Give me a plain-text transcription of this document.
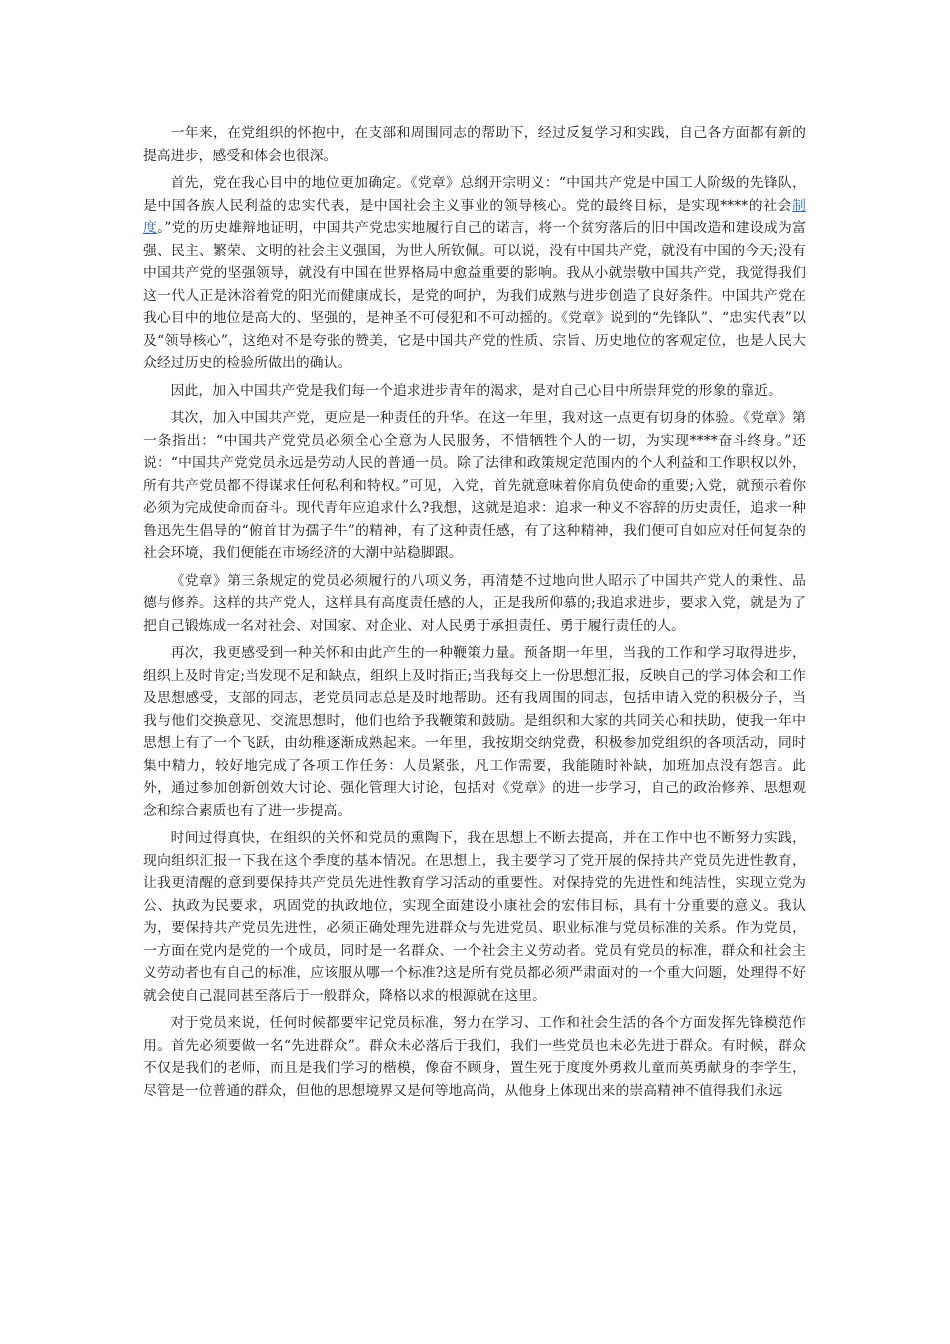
一年来，在党组织的怀抱中，在支部和周围同志的帮助下，经过反复学习和实践，自己各方面都有新的提高进步，感受和体会也很深。

首先，党在我心目中的地位更加确定。《党章》总纲开宗明义：“中国共产党是中国工人阶级的先锋队，是中国各族人民利益的忠实代表，是中国社会主义事业的领导核心。党的最终目标，是实现****的社会制度。”党的历史雄辩地证明，中国共产党忠实地履行自己的诺言，将一个贫穷落后的旧中国改造和建设成为富强、民主、繁荣、文明的社会主义强国，为世人所钦佩。可以说，没有中国共产党，就没有中国的今天;没有中国共产党的坚强领导，就没有中国在世界格局中愈益重要的影响。我从小就崇敬中国共产党，我觉得我们这一代人正是沐浴着党的阳光而健康成长，是党的呵护，为我们成熟与进步创造了良好条件。中国共产党在我心目中的地位是高大的、坚强的，是神圣不可侵犯和不可动摇的。《党章》说到的“先锋队”、“忠实代表”以及“领导核心”，这绝对不是夸张的赞美，它是中国共产党的性质、宗旨、历史地位的客观定位，也是人民大众经过历史的检验所做出的确认。

因此，加入中国共产党是我们每一个追求进步青年的渴求，是对自己心目中所崇拜党的形象的靠近。

其次，加入中国共产党，更应是一种责任的升华。在这一年里，我对这一点更有切身的体验。《党章》第一条指出：“中国共产党党员必须全心全意为人民服务，不惜牺牲个人的一切，为实现****奋斗终身。”还说：“中国共产党党员永远是劳动人民的普通一员。除了法律和政策规定范围内的个人利益和工作职权以外，所有共产党员都不得谋求任何私利和特权。”可见，入党，首先就意味着你肩负使命的重要;入党，就预示着你必须为完成使命而奋斗。现代青年应追求什么?我想，这就是追求：追求一种义不容辞的历史责任，追求一种鲁迅先生倡导的“俯首甘为孺子牛”的精神，有了这种责任感，有了这种精神，我们便可自如应对任何复杂的社会环境，我们便能在市场经济的大潮中站稳脚跟。

《党章》第三条规定的党员必须履行的八项义务，再清楚不过地向世人昭示了中国共产党人的秉性、品德与修养。这样的共产党人，这样具有高度责任感的人，正是我所仰慕的;我追求进步，要求入党，就是为了把自己锻炼成一名对社会、对国家、对企业、对人民勇于承担责任、勇于履行责任的人。

再次，我更感受到一种关怀和由此产生的一种鞭策力量。预备期一年里，当我的工作和学习取得进步，组织上及时肯定;当发现不足和缺点，组织上及时指正;当我每交上一份思想汇报，反映自己的学习体会和工作及思想感受，支部的同志，老党员同志总是及时地帮助。还有我周围的同志，包括申请入党的积极分子，当我与他们交换意见、交流思想时，他们也给予我鞭策和鼓励。是组织和大家的共同关心和扶助，使我一年中思想上有了一个飞跃，由幼稚逐渐成熟起来。一年里，我按期交纳党费，积极参加党组织的各项活动，同时集中精力，较好地完成了各项工作任务：人员紧张，凡工作需要，我能随时补缺，加班加点没有怨言。此外，通过参加创新创效大讨论、强化管理大讨论，包括对《党章》的进一步学习，自己的政治修养、思想观念和综合素质也有了进一步提高。

时间过得真快，在组织的关怀和党员的熏陶下，我在思想上不断去提高，并在工作中也不断努力实践，现向组织汇报一下我在这个季度的基本情况。在思想上，我主要学习了党开展的保持共产党员先进性教育，让我更清醒的意到要保持共产党员先进性教育学习活动的重要性。对保持党的先进性和纯洁性，实现立党为公、执政为民要求，巩固党的执政地位，实现全面建设小康社会的宏伟目标，具有十分重要的意义。我认为，要保持共产党员先进性，必须正确处理先进群众与先进党员、职业标准与党员标准的关系。作为党员，一方面在党内是党的一个成员，同时是一名群众、一个社会主义劳动者。党员有党员的标准，群众和社会主义劳动者也有自己的标准，应该服从哪一个标准?这是所有党员都必须严肃面对的一个重大问题，处理得不好就会使自己混同甚至落后于一般群众，降格以求的根源就在这里。

对于党员来说，任何时候都要牢记党员标准，努力在学习、工作和社会生活的各个方面发挥先锋模范作用。首先必须要做一名“先进群众”。群众未必落后于我们，我们一些党员也未必先进于群众。有时候，群众不仅是我们的老师，而且是我们学习的楷模，像奋不顾身，置生死于度度外勇救儿童而英勇献身的李学生，尽管是一位普通的群众，但他的思想境界又是何等地高尚，从他身上体现出来的崇高精神不值得我们永远
